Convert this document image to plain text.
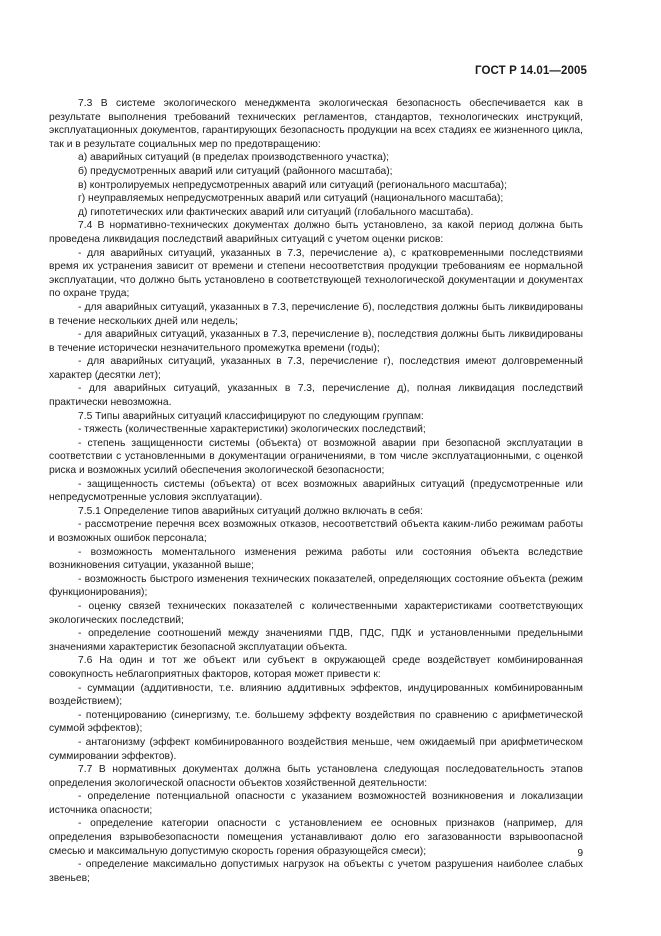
ГОСТ Р 14.01—2005

7.3 В системе экологического менеджмента экологическая безопасность обеспечивается как в результате выполнения требований технических регламентов, стандартов, технологических инструкций, эксплуатационных документов, гарантирующих безопасность продукции на всех стадиях ее жизненного цикла, так и в результате социальных мер по предотвращению:

а) аварийных ситуаций (в пределах производственного участка);

б) предусмотренных аварий или ситуаций (районного масштаба);

в) контролируемых непредусмотренных аварий или ситуаций (регионального масштаба);

г) неуправляемых непредусмотренных аварий или ситуаций (национального масштаба);

д) гипотетических или фактических аварий или ситуаций (глобального масштаба).

7.4 В нормативно-технических документах должно быть установлено, за какой период должна быть проведена ликвидация последствий аварийных ситуаций с учетом оценки рисков:

- для аварийных ситуаций, указанных в 7.3, перечисление а), с кратковременными последствиями время их устранения зависит от времени и степени несоответствия продукции требованиям ее нормальной эксплуатации, что должно быть установлено в соответствующей технологической документации и документах по охране труда;

- для аварийных ситуаций, указанных в 7.3, перечисление б), последствия должны быть ликвидированы в течение нескольких дней или недель;

- для аварийных ситуаций, указанных в 7.3, перечисление в), последствия должны быть ликвидированы в течение исторически незначительного промежутка времени (годы);

- для аварийных ситуаций, указанных в 7.3, перечисление г), последствия имеют долговременный характер (десятки лет);

- для аварийных ситуаций, указанных в 7.3, перечисление д), полная ликвидация последствий практически невозможна.

7.5 Типы аварийных ситуаций классифицируют по следующим группам:

- тяжесть (количественные характеристики) экологических последствий;

- степень защищенности системы (объекта) от возможной аварии при безопасной эксплуатации в соответствии с установленными в документации ограничениями, в том числе эксплуатационными, с оценкой риска и возможных усилий обеспечения экологической безопасности;

- защищенность системы (объекта) от всех возможных аварийных ситуаций (предусмотренные или непредусмотренные условия эксплуатации).

7.5.1 Определение типов аварийных ситуаций должно включать в себя:

- рассмотрение перечня всех возможных отказов, несоответствий объекта каким-либо режимам работы и возможных ошибок персонала;

- возможность моментального изменения режима работы или состояния объекта вследствие возникновения ситуации, указанной выше;

- возможность быстрого изменения технических показателей, определяющих состояние объекта (режим функционирования);

- оценку связей технических показателей с количественными характеристиками соответствующих экологических последствий;

- определение соотношений между значениями ПДВ, ПДС, ПДК и установленными предельными значениями характеристик безопасной эксплуатации объекта.

7.6 На один и тот же объект или субъект в окружающей среде воздействует комбинированная совокупность неблагоприятных факторов, которая может привести к:

- суммации (аддитивности, т.е. влиянию аддитивных эффектов, индуцированных комбинированным воздействием);

- потенцированию (синергизму, т.е. большему эффекту воздействия по сравнению с арифметической суммой эффектов);

- антагонизму (эффект комбинированного воздействия меньше, чем ожидаемый при арифметическом суммировании эффектов).

7.7 В нормативных документах должна быть установлена следующая последовательность этапов определения экологической опасности объектов хозяйственной деятельности:

- определение потенциальной опасности с указанием возможностей возникновения и локализации источника опасности;

- определение категории опасности с установлением ее основных признаков (например, для определения взрывобезопасности помещения устанавливают долю его загазованности взрывоопасной смесью и максимальную допустимую скорость горения образующейся смеси);

- определение максимально допустимых нагрузок на объекты с учетом разрушения наиболее слабых звеньев;

9
